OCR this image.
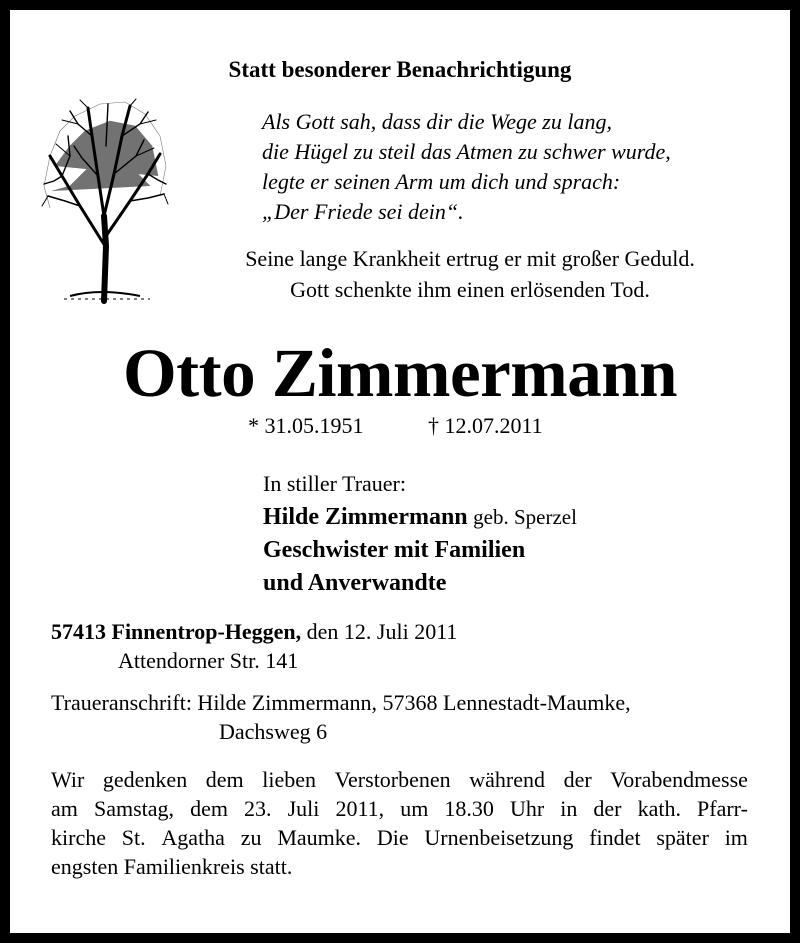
Statt besonderer Benachrichtigung
Als Gott sah, dass dir die Wege zu lang,
die Hügel zu steil das Atmen zu schwer wurde,
legte er seinen Arm um dich und sprach:
„Der Friede sei dein“.
Seine lange Krankheit ertrug er mit großer Geduld.
Gott schenkte ihm einen erlösenden Tod.
Otto Zimmermann
* 31.05.1951	† 12.07.2011
In stiller Trauer:
Hilde Zimmermann geb. Sperzel
Geschwister mit Familien
und Anverwandte
57413 Finnentrop-Heggen, den 12. Juli 2011
Attendorner Str. 141
Traueranschrift: Hilde Zimmermann, 57368 Lennestadt-Maumke,
Dachsweg 6
Wir gedenken dem lieben Verstorbenen während der Vorabendmesse
am Samstag, dem 23. Juli 2011, um 18.30 Uhr in der kath. Pfarr-
kirche St. Agatha zu Maumke. Die Urnenbeisetzung findet später im
engsten Familienkreis statt.
